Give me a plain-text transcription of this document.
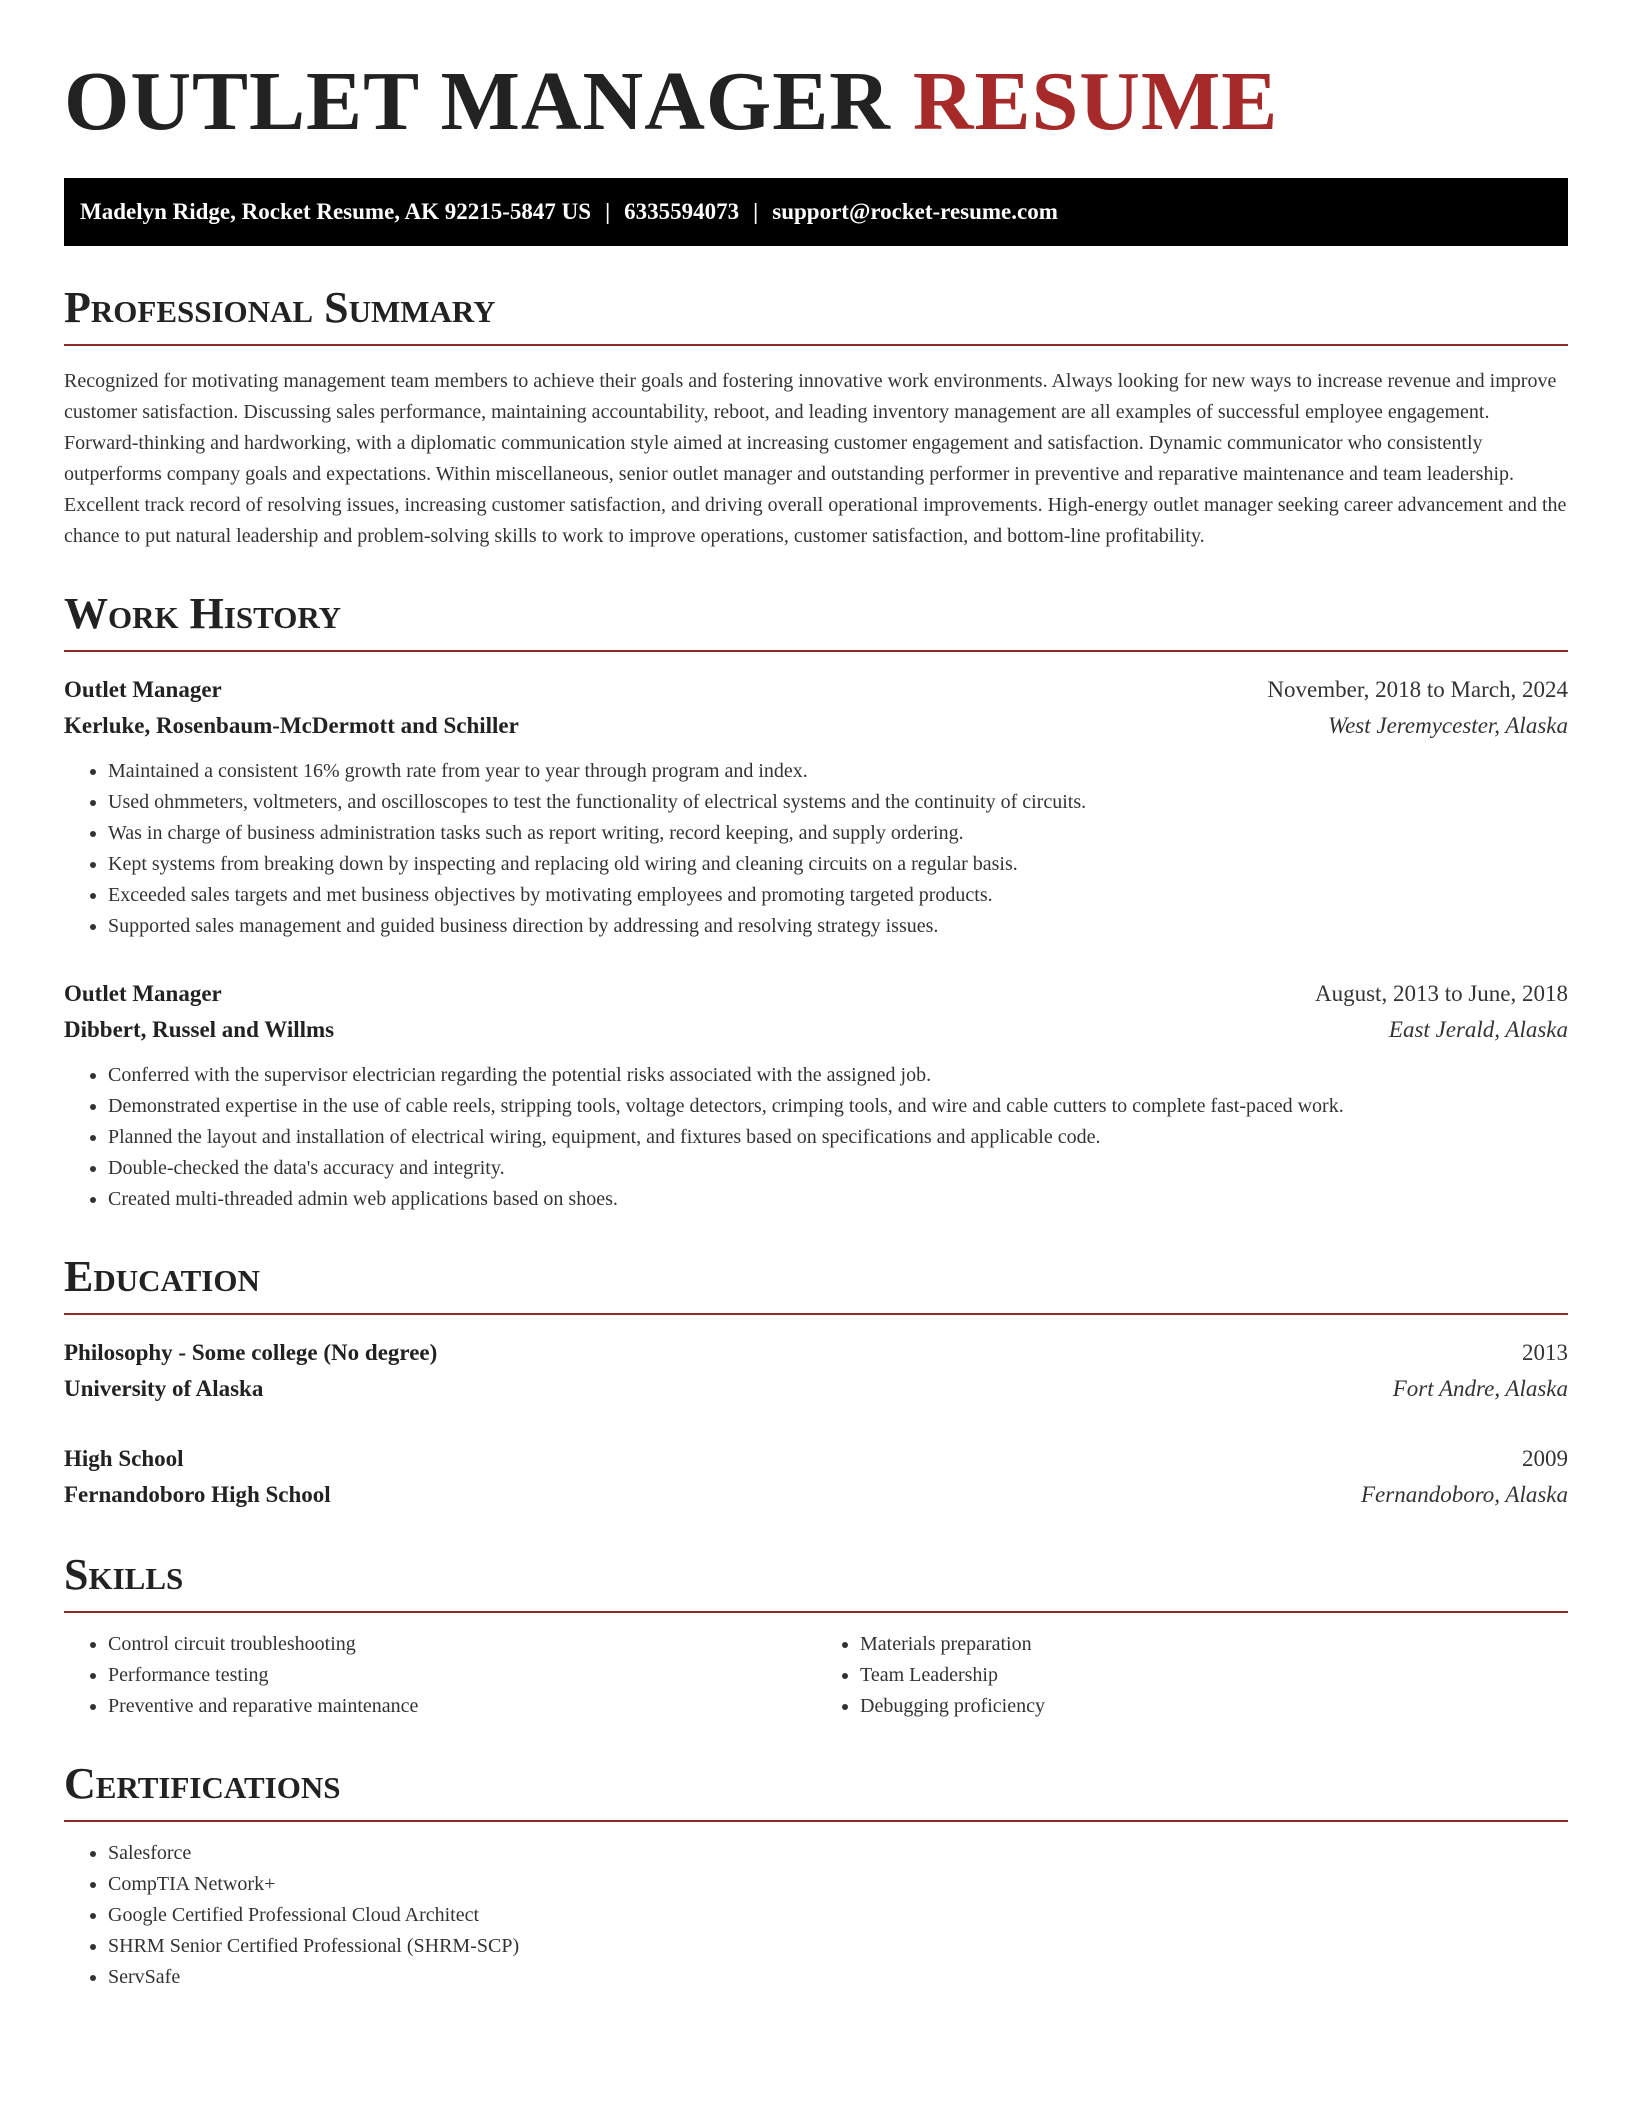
OUTLET MANAGER RESUME
Madelyn Ridge, Rocket Resume, AK 92215-5847 US | 6335594073 | support@rocket-resume.com
Professional Summary

Recognized for motivating management team members to achieve their goals and fostering innovative work environments. Always looking for new ways to increase revenue and improve customer satisfaction. Discussing sales performance, maintaining accountability, reboot, and leading inventory management are all examples of successful employee engagement. Forward-thinking and hardworking, with a diplomatic communication style aimed at increasing customer engagement and satisfaction. Dynamic communicator who consistently outperforms company goals and expectations. Within miscellaneous, senior outlet manager and outstanding performer in preventive and reparative maintenance and team leadership. Excellent track record of resolving issues, increasing customer satisfaction, and driving overall operational improvements. High-energy outlet manager seeking career advancement and the chance to put natural leadership and problem-solving skills to work to improve operations, customer satisfaction, and bottom-line profitability.

Work History
Outlet Manager	November, 2018 to March, 2024
Kerluke, Rosenbaum-McDermott and Schiller	West Jeremycester, Alaska
• Maintained a consistent 16% growth rate from year to year through program and index.
• Used ohmmeters, voltmeters, and oscilloscopes to test the functionality of electrical systems and the continuity of circuits.
• Was in charge of business administration tasks such as report writing, record keeping, and supply ordering.
• Kept systems from breaking down by inspecting and replacing old wiring and cleaning circuits on a regular basis.
• Exceeded sales targets and met business objectives by motivating employees and promoting targeted products.
• Supported sales management and guided business direction by addressing and resolving strategy issues.
Outlet Manager	August, 2013 to June, 2018
Dibbert, Russel and Willms	East Jerald, Alaska
• Conferred with the supervisor electrician regarding the potential risks associated with the assigned job.
• Demonstrated expertise in the use of cable reels, stripping tools, voltage detectors, crimping tools, and wire and cable cutters to complete fast-paced work.
• Planned the layout and installation of electrical wiring, equipment, and fixtures based on specifications and applicable code.
• Double-checked the data's accuracy and integrity.
• Created multi-threaded admin web applications based on shoes.
Education
Philosophy - Some college (No degree)	2013
University of Alaska	Fort Andre, Alaska
High School	2009
Fernandoboro High School	Fernandoboro, Alaska
Skills
• Control circuit troubleshooting
• Performance testing
• Preventive and reparative maintenance
• Materials preparation
• Team Leadership
• Debugging proficiency
Certifications
• Salesforce
• CompTIA Network+
• Google Certified Professional Cloud Architect
• SHRM Senior Certified Professional (SHRM-SCP)
• ServSafe
